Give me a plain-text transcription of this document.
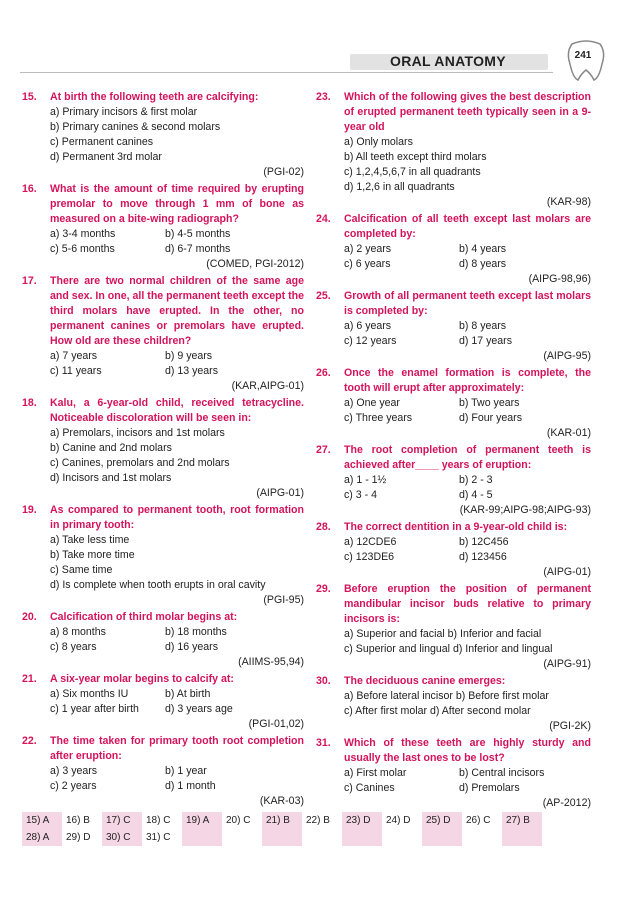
ORAL ANATOMY	241
15.	At birth the following teeth are calcifying:
a) Primary incisors & first molar
b) Primary canines & second molars
c) Permanent canines
d) Permanent 3rd molar
(PGI-02)
16.	What is the amount of time required by erupting premolar to move through 1 mm of bone as measured on a bite-wing radiograph?
a) 3-4 months	b) 4-5 months
c) 5-6 months	d) 6-7 months
(COMED, PGI-2012)
17.	There are two normal children of the same age and sex. In one, all the permanent teeth except the third molars have erupted. In the other, no permanent canines or premolars have erupted. How old are these children?
a) 7 years	b) 9 years
c) 11 years	d) 13 years
(KAR,AIPG-01)
18.	Kalu, a 6-year-old child, received tetracycline. Noticeable discoloration will be seen in:
a) Premolars, incisors and 1st molars
b) Canine and 2nd molars
c) Canines, premolars and 2nd molars
d) Incisors and 1st molars
(AIPG-01)
19.	As compared to permanent tooth, root formation in primary tooth:
a) Take less time
b) Take more time
c) Same time
d) Is complete when tooth erupts in oral cavity
(PGI-95)
20.	Calcification of third molar begins at:
a) 8 months	b) 18 months
c) 8 years	d) 16 years
(AIIMS-95,94)
21.	A six-year molar begins to calcify at:
a) Six months IU	b) At birth
c) 1 year after birth	d) 3 years age
(PGI-01,02)
22.	The time taken for primary tooth root completion after eruption:
a) 3 years	b) 1 year
c) 2 years	d) 1 month
(KAR-03)
23.	Which of the following gives the best description of erupted permanent teeth typically seen in a 9-year old
a) Only molars
b) All teeth except third molars
c) 1,2,4,5,6,7 in all quadrants
d) 1,2,6 in all quadrants
(KAR-98)
24.	Calcification of all teeth except last molars are completed by:
a) 2 years	b) 4 years
c) 6 years	d) 8 years
(AIPG-98,96)
25.	Growth of all permanent teeth except last molars is completed by:
a) 6 years	b) 8 years
c) 12 years	d) 17 years
(AIPG-95)
26.	Once the enamel formation is complete, the tooth will erupt after approximately:
a) One year	b) Two years
c) Three years	d) Four years
(KAR-01)
27.	The root completion of permanent teeth is achieved after____ years of eruption:
a) 1 - 1½	b) 2 - 3
c) 3 - 4	d) 4 - 5
(KAR-99;AIPG-98;AIPG-93)
28.	The correct dentition in a 9-year-old child is:
a) 12CDE6	b) 12C456
c) 123DE6	d) 123456
(AIPG-01)
29.	Before eruption the position of permanent mandibular incisor buds relative to primary incisors is:
a) Superior and facial b) Inferior and facial
c) Superior and lingual d) Inferior and lingual
(AIPG-91)
30.	The deciduous canine emerges:
a) Before lateral incisor b) Before first molar
c) After first molar d) After second molar
(PGI-2K)
31.	Which of these teeth are highly sturdy and usually the last ones to be lost?
a) First molar	b) Central incisors
c) Canines	d) Premolars
(AP-2012)
15) A	16) B	17) C	18) C	19) A	20) C	21) B	22) B	23) D	24) D	25) D	26) C	27) B
28) A	29) D	30) C	31) C
